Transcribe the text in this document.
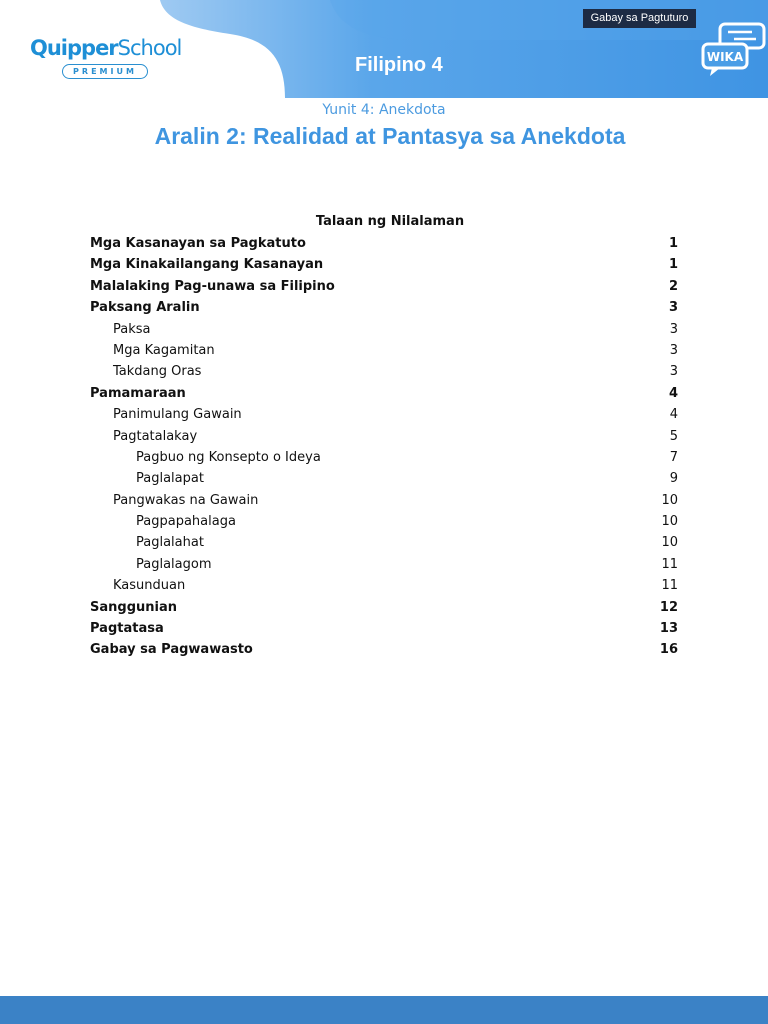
QuipperSchool
PREMIUM	Filipino 4
Gabay sa Pagtuturo
WIKA
Yunit 4: Anekdota
Aralin 2: Realidad at Pantasya sa Anekdota
Talaan ng Nilalaman
Mga Kasanayan sa Pagkatuto	1
Mga Kinakailangang Kasanayan	1
Malalaking Pag-unawa sa Filipino	2
Paksang Aralin	3
Paksa	3
Mga Kagamitan	3
Takdang Oras	3
Pamamaraan	4
Panimulang Gawain	4
Pagtatalakay	5
Pagbuo ng Konsepto o Ideya	7
Paglalapat	9
Pangwakas na Gawain	10
Pagpapahalaga	10
Paglalahat	10
Paglalagom	11
Kasunduan	11
Sanggunian	12
Pagtatasa	13
Gabay sa Pagwawasto	16
